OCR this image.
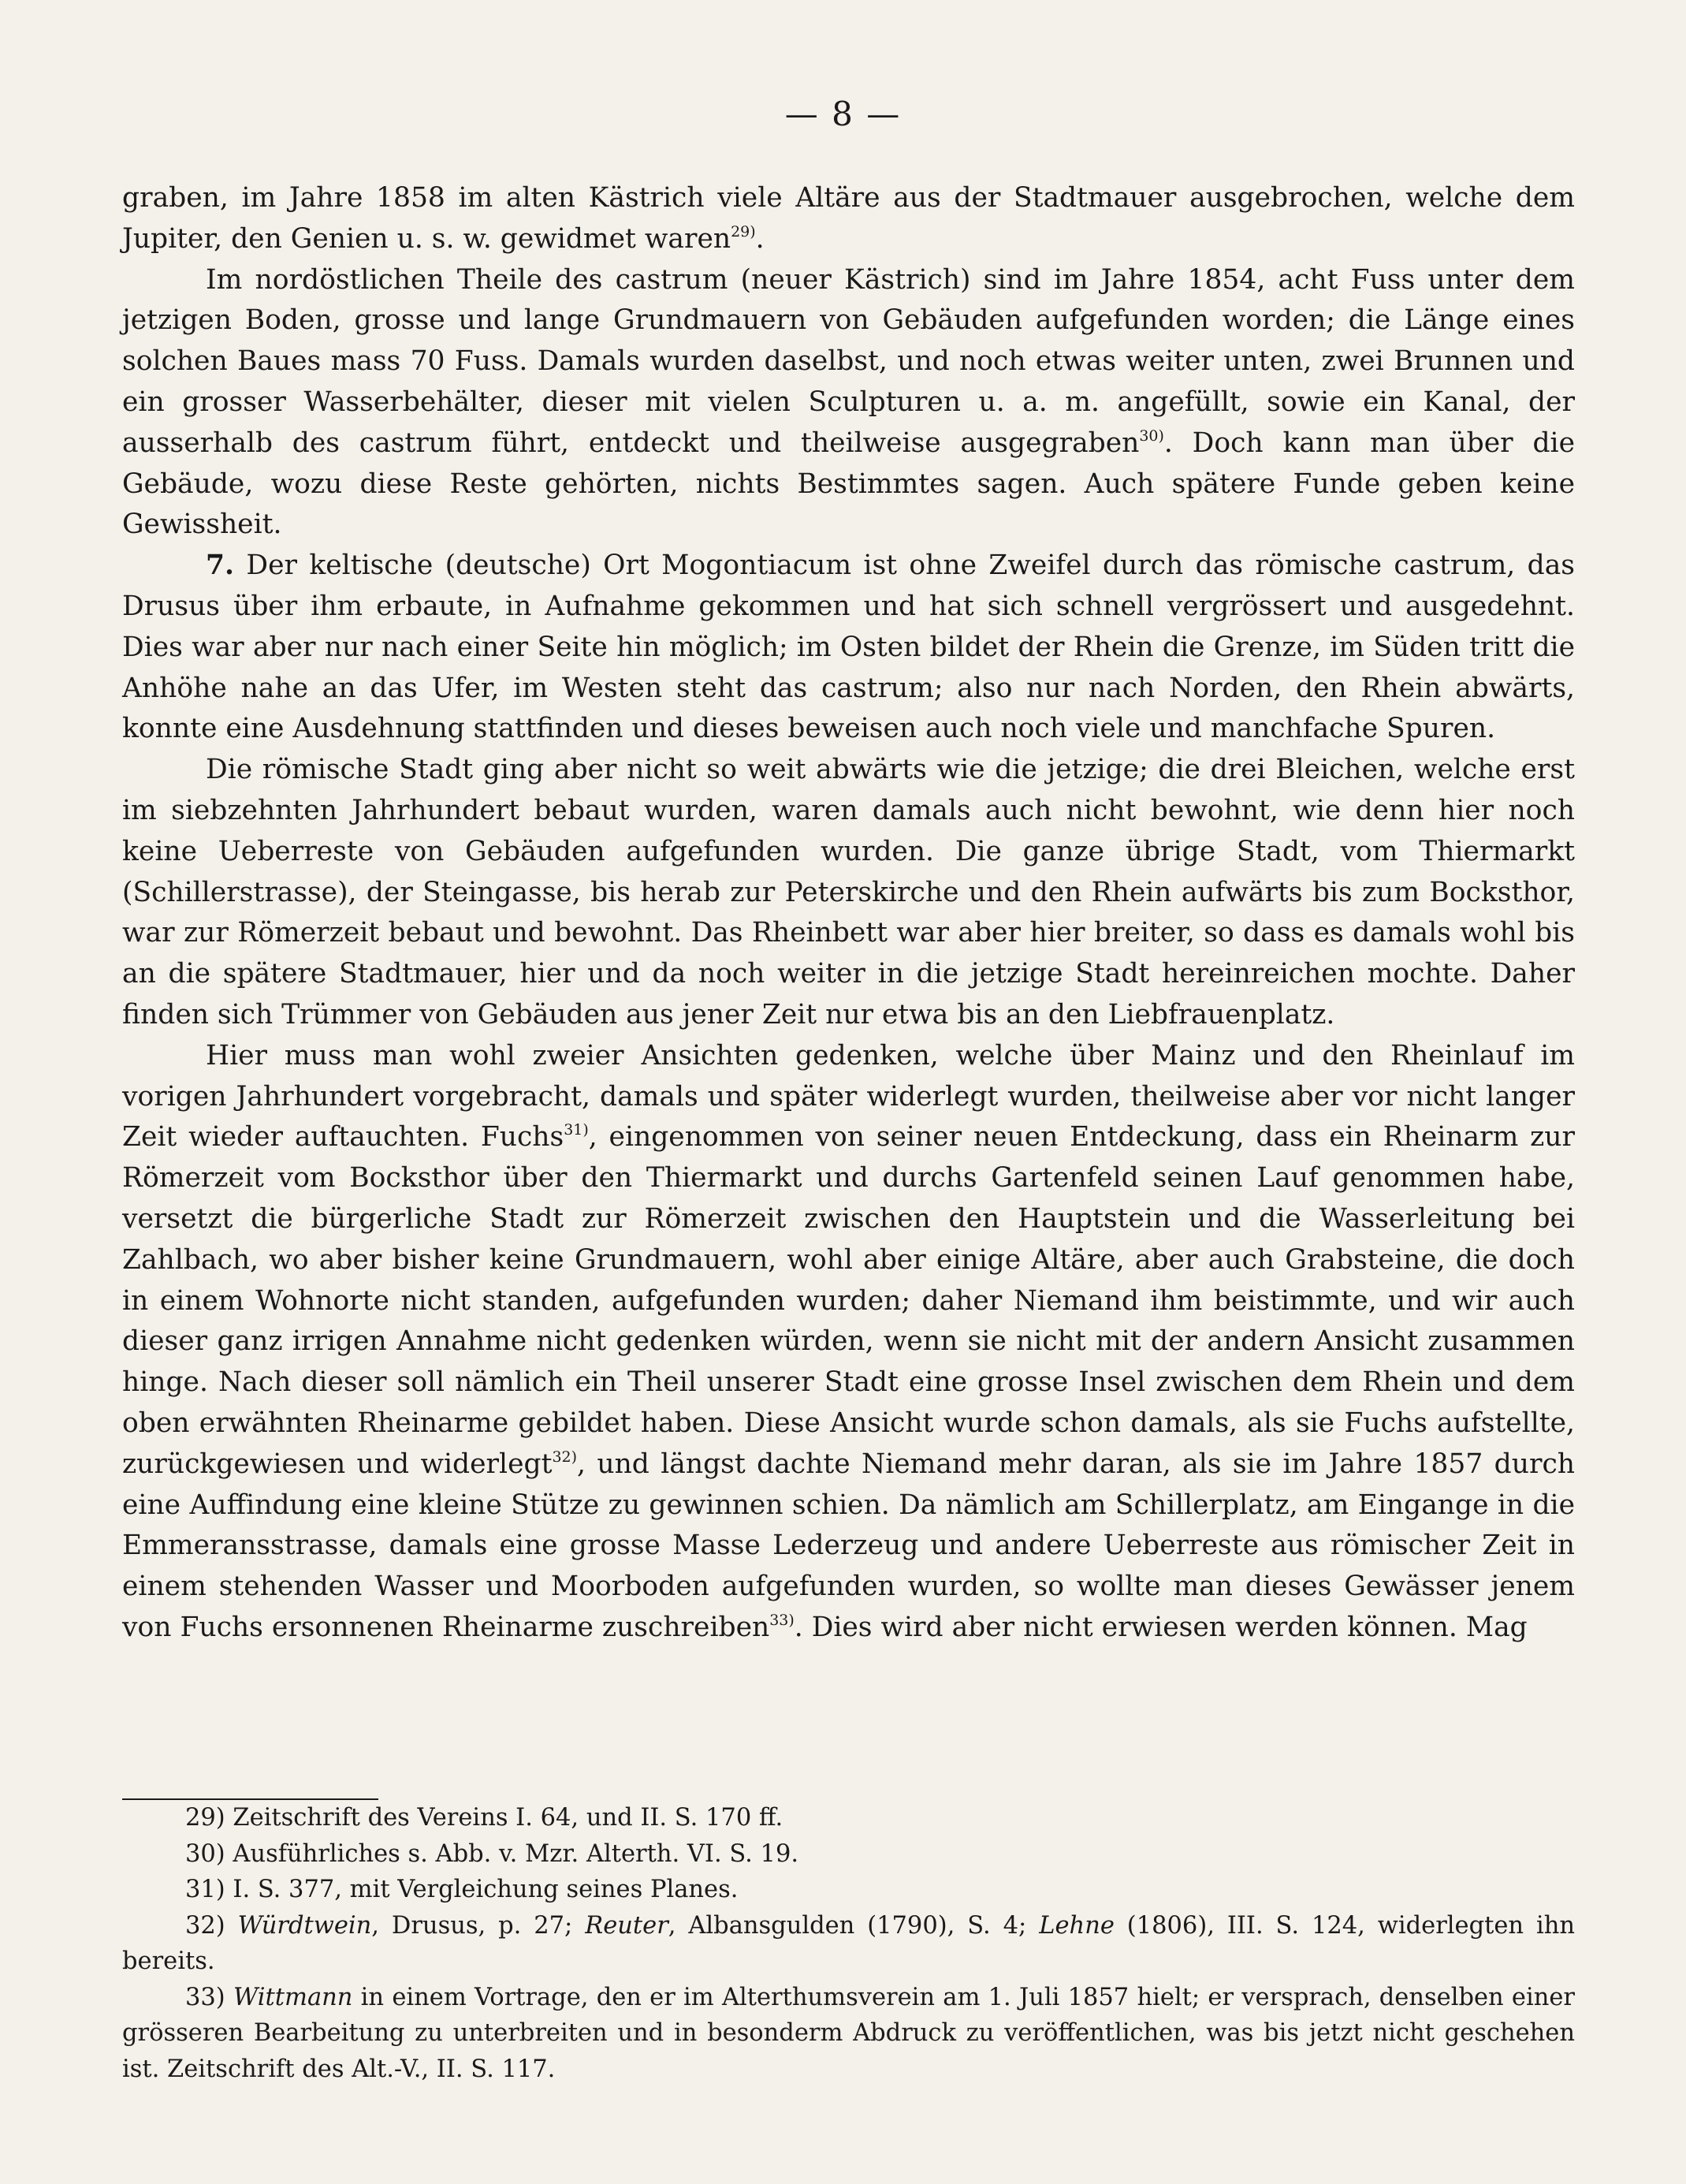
— 8 —

graben, im Jahre 1858 im alten Kästrich viele Altäre aus der Stadtmauer ausgebrochen, welche dem Jupiter, den Genien u. s. w. gewidmet waren$^{29)}$.

Im nordöstlichen Theile des castrum (neuer Kästrich) sind im Jahre 1854, acht Fuss unter dem jetzigen Boden, grosse und lange Grundmauern von Gebäuden aufgefunden worden; die Länge eines solchen Baues mass 70 Fuss. Damals wurden daselbst, und noch etwas weiter unten, zwei Brunnen und ein grosser Wasserbehälter, dieser mit vielen Sculpturen u. a. m. angefüllt, sowie ein Kanal, der ausserhalb des castrum führt, entdeckt und theilweise ausgegraben$^{30)}$. Doch kann man über die Gebäude, wozu diese Reste gehörten, nichts Bestimmtes sagen. Auch spätere Funde geben keine Gewissheit.

7. Der keltische (deutsche) Ort Mogontiacum ist ohne Zweifel durch das römische castrum, das Drusus über ihm erbaute, in Aufnahme gekommen und hat sich schnell vergrössert und ausgedehnt. Dies war aber nur nach einer Seite hin möglich; im Osten bildet der Rhein die Grenze, im Süden tritt die Anhöhe nahe an das Ufer, im Westen steht das castrum; also nur nach Norden, den Rhein abwärts, konnte eine Ausdehnung stattfinden und dieses beweisen auch noch viele und manchfache Spuren.

Die römische Stadt ging aber nicht so weit abwärts wie die jetzige; die drei Bleichen, welche erst im siebzehnten Jahrhundert bebaut wurden, waren damals auch nicht bewohnt, wie denn hier noch keine Ueberreste von Gebäuden aufgefunden wurden. Die ganze übrige Stadt, vom Thiermarkt (Schillerstrasse), der Steingasse, bis herab zur Peterskirche und den Rhein aufwärts bis zum Bocksthor, war zur Römerzeit bebaut und bewohnt. Das Rheinbett war aber hier breiter, so dass es damals wohl bis an die spätere Stadtmauer, hier und da noch weiter in die jetzige Stadt hereinreichen mochte. Daher finden sich Trümmer von Gebäuden aus jener Zeit nur etwa bis an den Liebfrauenplatz.

Hier muss man wohl zweier Ansichten gedenken, welche über Mainz und den Rheinlauf im vorigen Jahrhundert vorgebracht, damals und später widerlegt wurden, theilweise aber vor nicht langer Zeit wieder auftauchten. Fuchs$^{31)}$, eingenommen von seiner neuen Entdeckung, dass ein Rheinarm zur Römerzeit vom Bocksthor über den Thiermarkt und durchs Gartenfeld seinen Lauf genommen habe, versetzt die bürgerliche Stadt zur Römerzeit zwischen den Hauptstein und die Wasserleitung bei Zahlbach, wo aber bisher keine Grundmauern, wohl aber einige Altäre, aber auch Grabsteine, die doch in einem Wohnorte nicht standen, aufgefunden wurden; daher Niemand ihm beistimmte, und wir auch dieser ganz irrigen Annahme nicht gedenken würden, wenn sie nicht mit der andern Ansicht zusammen hinge. Nach dieser soll nämlich ein Theil unserer Stadt eine grosse Insel zwischen dem Rhein und dem oben erwähnten Rheinarme gebildet haben. Diese Ansicht wurde schon damals, als sie Fuchs aufstellte, zurückgewiesen und widerlegt$^{32)}$, und längst dachte Niemand mehr daran, als sie im Jahre 1857 durch eine Auffindung eine kleine Stütze zu gewinnen schien. Da nämlich am Schillerplatz, am Eingange in die Emmeransstrasse, damals eine grosse Masse Lederzeug und andere Ueberreste aus römischer Zeit in einem stehenden Wasser und Moorboden aufgefunden wurden, so wollte man dieses Gewässer jenem von Fuchs ersonnenen Rheinarme zuschreiben$^{33)}$. Dies wird aber nicht erwiesen werden können. Mag

29) Zeitschrift des Vereins I. 64, und II. S. 170 ff.

30) Ausführliches s. Abb. v. Mzr. Alterth. VI. S. 19.

31) I. S. 377, mit Vergleichung seines Planes.

32) Würdtwein, Drusus, p. 27; Reuter, Albansgulden (1790), S. 4; Lehne (1806), III. S. 124, widerlegten ihn bereits.

33) Wittmann in einem Vortrage, den er im Alterthumsverein am 1. Juli 1857 hielt; er versprach, denselben einer grösseren Bearbeitung zu unterbreiten und in besonderm Abdruck zu veröffentlichen, was bis jetzt nicht geschehen ist. Zeitschrift des Alt.-V., II. S. 117.
